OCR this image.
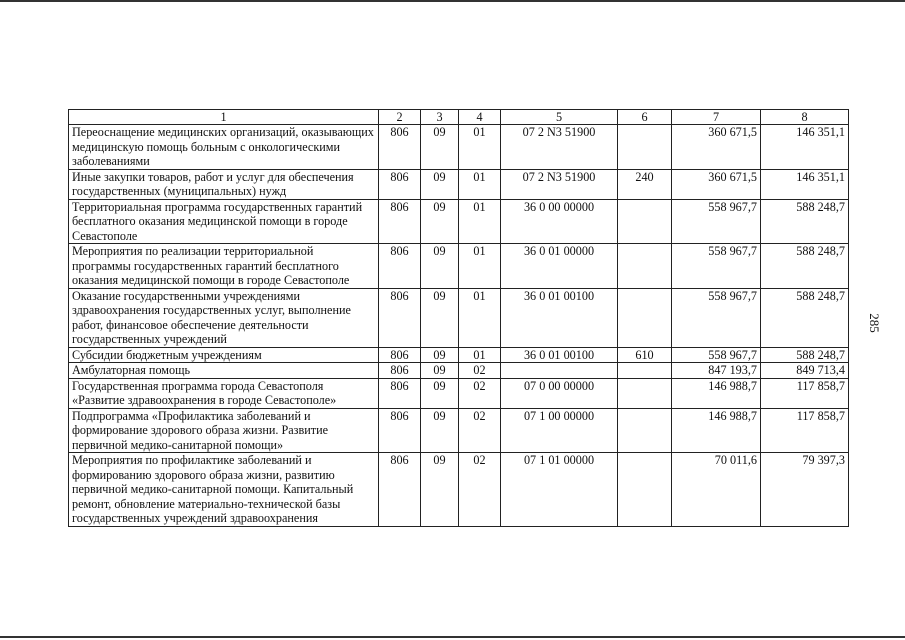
285
1	2	3	4	5	6	7	8
Переоснащение медицинских организаций, оказывающих медицинскую помощь больным с онкологическими заболеваниями	806	09	01	07 2 N3 51900		360 671,5	146 351,1
Иные закупки товаров, работ и услуг для обеспечения государственных (муниципальных) нужд	806	09	01	07 2 N3 51900	240	360 671,5	146 351,1
Территориальная программа государственных гарантий бесплатного оказания медицинской помощи в городе Севастополе	806	09	01	36 0 00 00000		558 967,7	588 248,7
Мероприятия по реализации территориальной программы государственных гарантий бесплатного оказания медицинской помощи в городе Севастополе	806	09	01	36 0 01 00000		558 967,7	588 248,7
Оказание государственными учреждениями здравоохранения государственных услуг, выполнение работ, финансовое обеспечение деятельности государственных учреждений	806	09	01	36 0 01 00100		558 967,7	588 248,7
Субсидии бюджетным учреждениям	806	09	01	36 0 01 00100	610	558 967,7	588 248,7
Амбулаторная помощь	806	09	02			847 193,7	849 713,4
Государственная программа города Севастополя «Развитие здравоохранения в городе Севастополе»	806	09	02	07 0 00 00000		146 988,7	117 858,7
Подпрограмма «Профилактика заболеваний и формирование здорового образа жизни. Развитие первичной медико-санитарной помощи»	806	09	02	07 1 00 00000		146 988,7	117 858,7
Мероприятия по профилактике заболеваний и формированию здорового образа жизни, развитию первичной медико-санитарной помощи. Капитальный ремонт, обновление материально-технической базы государственных учреждений здравоохранения	806	09	02	07 1 01 00000		70 011,6	79 397,3
